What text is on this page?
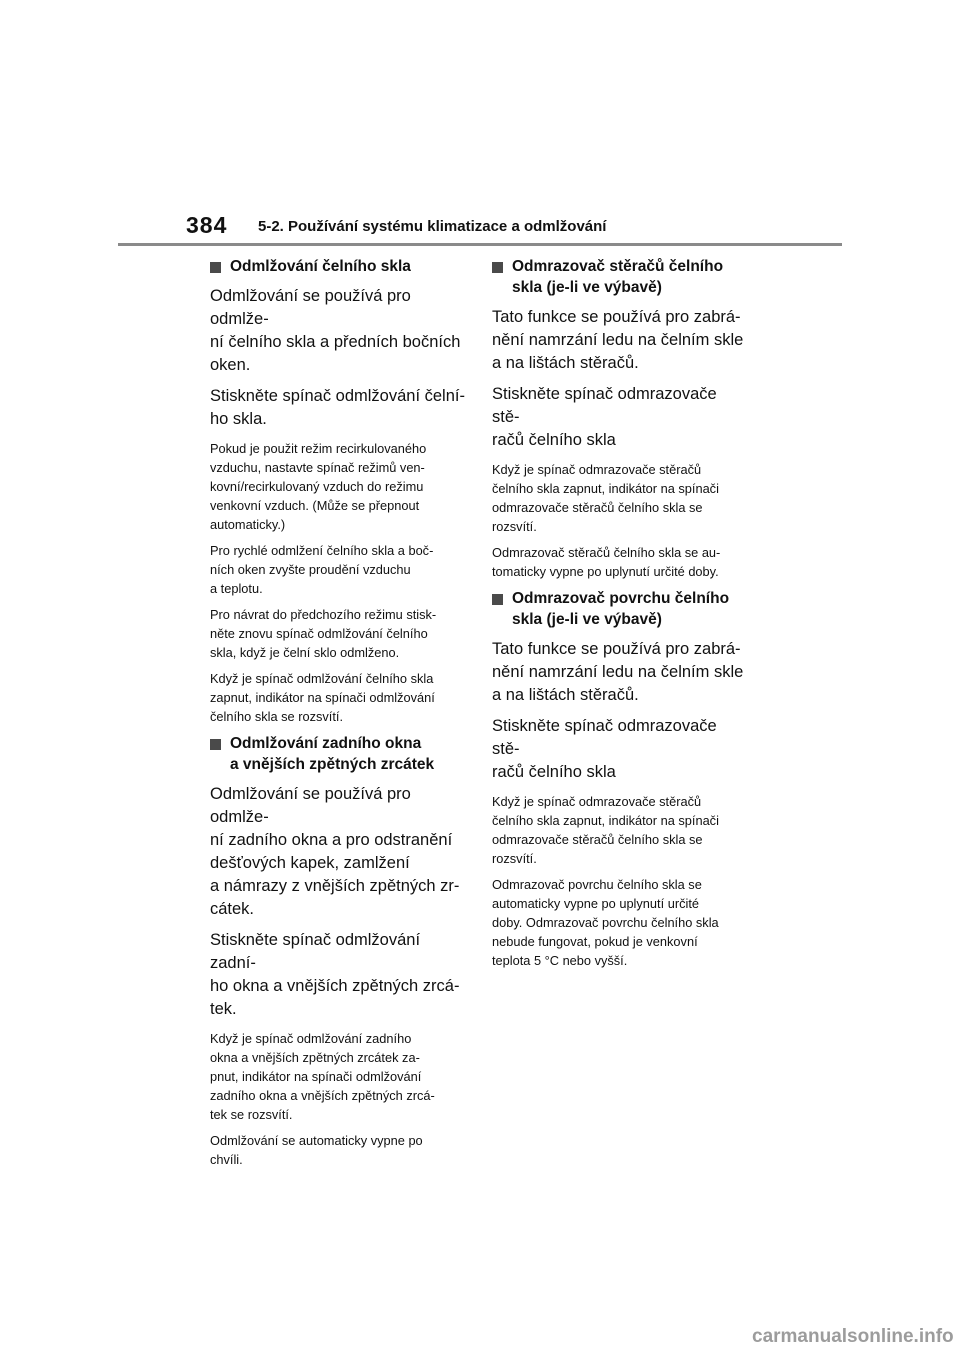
384 5-2. Používání systému klimatizace a odmlžování
Odmlžování čelního skla
Odmlžování se používá pro odmlže-
ní čelního skla a předních bočních
oken.
Stiskněte spínač odmlžování čelní-
ho skla.
Pokud je použit režim recirkulovaného
vzduchu, nastavte spínač režimů ven-
kovní/recirkulovaný vzduch do režimu
venkovní vzduch. (Může se přepnout
automaticky.)
Pro rychlé odmlžení čelního skla a boč-
ních oken zvyšte proudění vzduchu
a teplotu.
Pro návrat do předchozího režimu stisk-
něte znovu spínač odmlžování čelního
skla, když je čelní sklo odmlženo.
Když je spínač odmlžování čelního skla
zapnut, indikátor na spínači odmlžování
čelního skla se rozsvítí.
Odmlžování zadního okna
a vnějších zpětných zrcátek
Odmlžování se používá pro odmlže-
ní zadního okna a pro odstranění
dešťových kapek, zamlžení
a námrazy z vnějších zpětných zr-
cátek.
Stiskněte spínač odmlžování zadní-
ho okna a vnějších zpětných zrcá-
tek.
Když je spínač odmlžování zadního
okna a vnějších zpětných zrcátek za-
pnut, indikátor na spínači odmlžování
zadního okna a vnějších zpětných zrcá-
tek se rozsvítí.
Odmlžování se automaticky vypne po
chvíli.
Odmrazovač stěračů čelního
skla (je-li ve výbavě)
Tato funkce se používá pro zabrá-
nění namrzání ledu na čelním skle
a na lištách stěračů.
Stiskněte spínač odmrazovače stě-
račů čelního skla
Když je spínač odmrazovače stěračů
čelního skla zapnut, indikátor na spínači
odmrazovače stěračů čelního skla se
rozsvítí.
Odmrazovač stěračů čelního skla se au-
tomaticky vypne po uplynutí určité doby.
Odmrazovač povrchu čelního
skla (je-li ve výbavě)
Tato funkce se používá pro zabrá-
nění namrzání ledu na čelním skle
a na lištách stěračů.
Stiskněte spínač odmrazovače stě-
račů čelního skla
Když je spínač odmrazovače stěračů
čelního skla zapnut, indikátor na spínači
odmrazovače stěračů čelního skla se
rozsvítí.
Odmrazovač povrchu čelního skla se
automaticky vypne po uplynutí určité
doby. Odmrazovač povrchu čelního skla
nebude fungovat, pokud je venkovní
teplota 5 °C nebo vyšší.
carmanualsonline.info
